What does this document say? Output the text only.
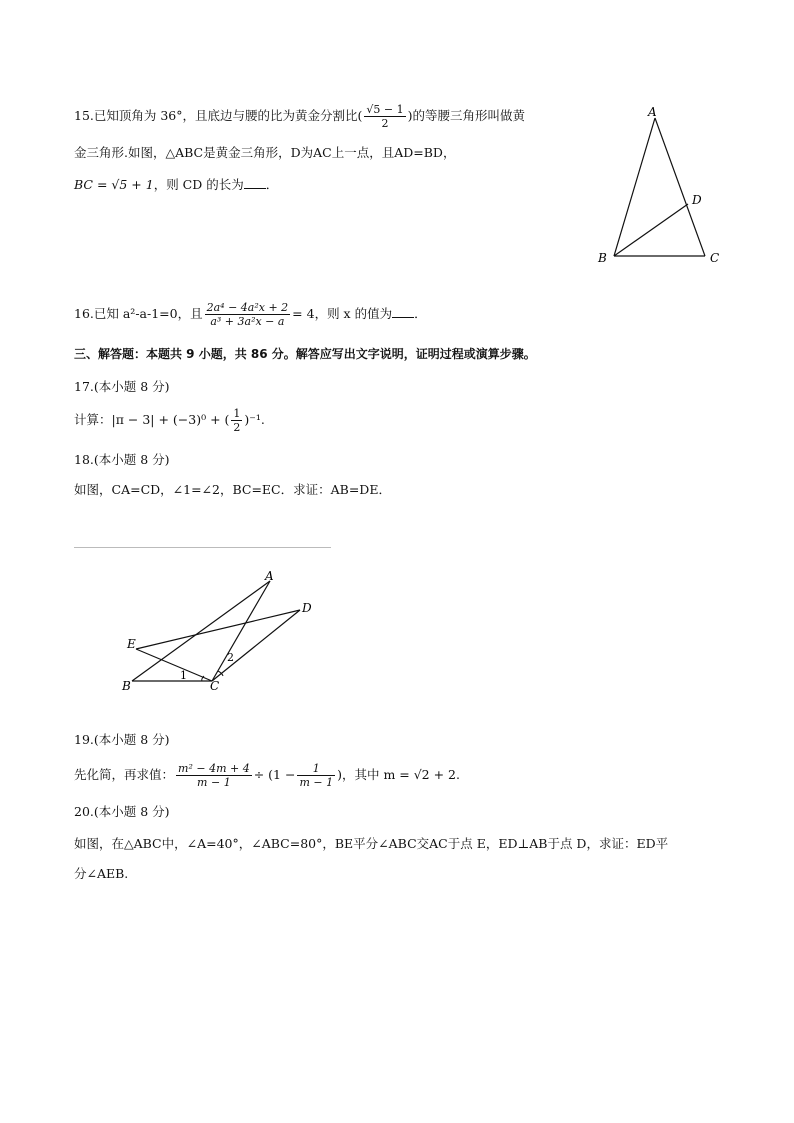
15.已知顶角为 36°，且底边与腰的比为黄金分割比( $\frac{√5 - 1}{2}$ )的等腰三角形叫做黄
金三角形.如图，△ABC是黄金三角形，D为AC上一点，且AD=BD，
BC = √5 + 1，则 CD 的长为 ．
A
B	C
D
16.已知 a²-a-1=0，且 $\frac{\text{2a⁴ − 4a²x + 2}}{\text{a³ + 3a²x − a}} = 4$，则 x 的值为 ．
三、解答题：本题共 9 小题，共 86 分。解答应写出文字说明，证明过程或演算步骤。
17.(本小题 8 分)
计算：|π − 3| + (−3)⁰ + ( $\frac{1}{2} )^{-1}$.
18.(本小题 8 分)
如图，CA=CD，∠1=∠2，BC=EC．求证：AB=DE．
A
B	C
D
E
1
2
19.(本小题 8 分)
先化简，再求值： $\frac{\text{m² − 4m + 4}}{m - 1} \div (1 - \frac{1}{m - 1}$ )，其中 m = √2 + 2.
20.(本小题 8 分)
如图，在△ABC中，∠A=40°，∠ABC=80°，BE平分∠ABC交AC于点 E，ED⊥AB于点 D，求证：ED平
分∠AEB.
